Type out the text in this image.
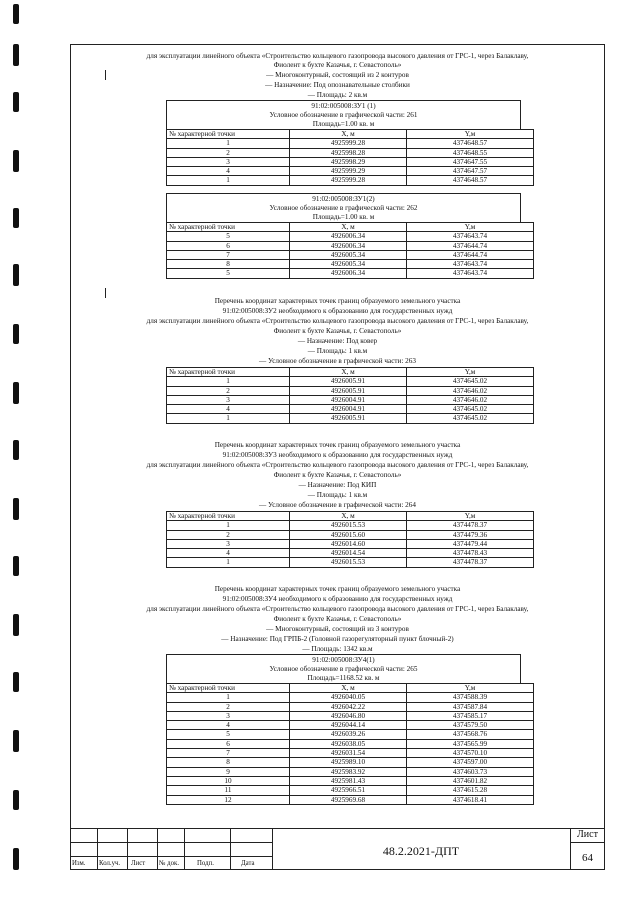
для эксплуатации линейного объекта «Строительство кольцевого газопровода высокого давления от ГРС-1, через Балаклаву,
Фиолент к бухте Казачья, г. Севастополь»
— Многоконтурный, состоящий из 2 контуров
— Назначение: Под опознавательные столбики
— Площадь: 2 кв.м
91:02:005008:ЗУ1 (1)
Условное обозначение в графической части: 261
Площадь=1.00 кв. м
№ характерной точки	X, м	Y,м
1	4925999.28	4374648.57
2	4925998.28	4374648.55
3	4925998.29	4374647.55
4	4925999.29	4374647.57
1	4925999.28	4374648.57
91:02:005008:ЗУ1(2)
Условное обозначение в графической части: 262
Площадь=1.00 кв. м
№ характерной точки	X, м	Y,м
5	4926006.34	4374643.74
6	4926006.34	4374644.74
7	4926005.34	4374644.74
8	4926005.34	4374643.74
5	4926006.34	4374643.74
Перечень координат характерных точек границ образуемого земельного участка
91:02:005008:ЗУ2 необходимого к образованию для государственных нужд
для эксплуатации линейного объекта «Строительство кольцевого газопровода высокого давления от ГРС-1, через Балаклаву,
Фиолент к бухте Казачья, г. Севастополь»
— Назначение: Под ковер
— Площадь: 1 кв.м
— Условное обозначение в графической части: 263
№ характерной точки	X, м	Y,м
1	4926005.91	4374645.02
2	4926005.91	4374646.02
3	4926004.91	4374646.02
4	4926004.91	4374645.02
1	4926005.91	4374645.02
Перечень координат характерных точек границ образуемого земельного участка
91:02:005008:ЗУ3 необходимого к образованию для государственных нужд
для эксплуатации линейного объекта «Строительство кольцевого газопровода высокого давления от ГРС-1, через Балаклаву,
Фиолент к бухте Казачья, г. Севастополь»
— Назначение: Под КИП
— Площадь: 1 кв.м
— Условное обозначение в графической части: 264
№ характерной точки	X, м	Y,м
1	4926015.53	4374478.37
2	4926015.60	4374479.36
3	4926014.60	4374479.44
4	4926014.54	4374478.43
1	4926015.53	4374478.37
Перечень координат характерных точек границ образуемого земельного участка
91:02:005008:ЗУ4 необходимого к образованию для государственных нужд
для эксплуатации линейного объекта «Строительство кольцевого газопровода высокого давления от ГРС-1, через Балаклаву,
Фиолент к бухте Казачья, г. Севастополь»
— Многоконтурный, состоящий из 3 контуров
— Назначение: Под ГРПБ-2 (Головной газорегуляторный пункт блочный-2)
— Площадь: 1342 кв.м
91:02:005008:ЗУ4(1)
Условное обозначение в графической части: 265
Площадь=1168.52 кв. м
№ характерной точки	X, м	Y,м
1	4926040.05	4374588.39
2	4926042.22	4374587.84
3	4926046.80	4374585.17
4	4926044.14	4374579.50
5	4926039.26	4374568.76
6	4926038.05	4374565.99
7	4926031.54	4374570.10
8	4925989.10	4374597.00
9	4925983.92	4374603.73
10	4925981.43	4374601.82
11	4925966.51	4374615.28
12	4925969.68	4374618.41
Изм. Кол.уч. Лист № док.	Подп.	Дата
48.2.2021-ДПТ
Лист
64
